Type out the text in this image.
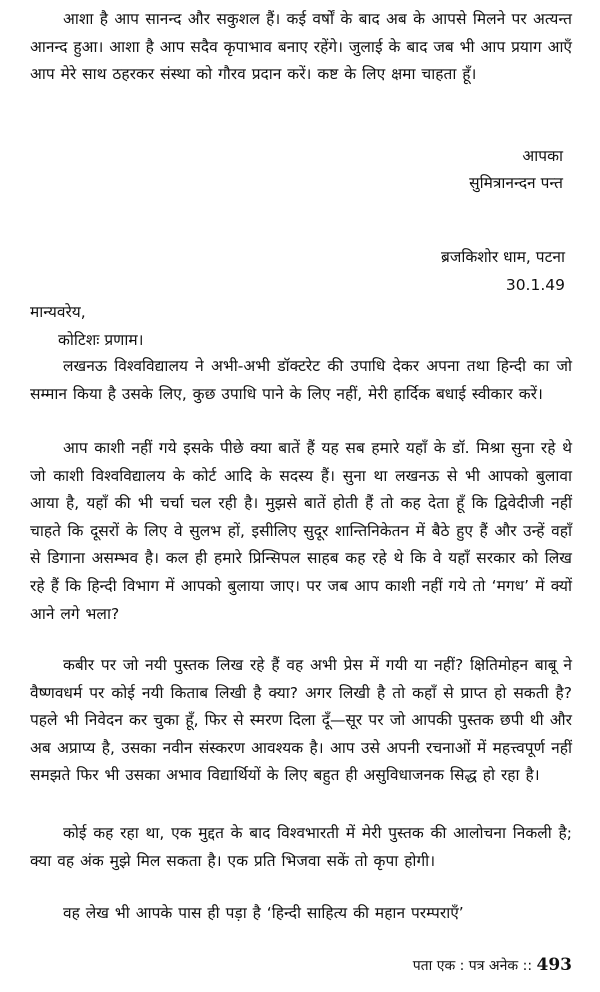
आशा है आप सानन्द और सकुशल हैं। कई वर्षों के बाद अब के आपसे मिलने पर अत्यन्त आनन्द हुआ। आशा है आप सदैव कृपाभाव बनाए रहेंगे। जुलाई के बाद जब भी आप प्रयाग आएँ आप मेरे साथ ठहरकर संस्था को गौरव प्रदान करें। कष्ट के लिए क्षमा चाहता हूँ।

आपका

सुमित्रानन्दन पन्त

ब्रजकिशोर धाम, पटना

30.1.49

मान्यवरेय,

कोटिशः प्रणाम।

लखनऊ विश्वविद्यालय ने अभी-अभी डॉक्टरेट की उपाधि देकर अपना तथा हिन्दी का जो सम्मान किया है उसके लिए, कुछ उपाधि पाने के लिए नहीं, मेरी हार्दिक बधाई स्वीकार करें।

आप काशी नहीं गये इसके पीछे क्या बातें हैं यह सब हमारे यहाँ के डॉ. मिश्रा सुना रहे थे जो काशी विश्वविद्यालय के कोर्ट आदि के सदस्य हैं। सुना था लखनऊ से भी आपको बुलावा आया है, यहाँ की भी चर्चा चल रही है। मुझसे बातें होती हैं तो कह देता हूँ कि द्विवेदीजी नहीं चाहते कि दूसरों के लिए वे सुलभ हों, इसीलिए सुदूर शान्तिनिकेतन में बैठे हुए हैं और उन्हें वहाँ से डिगाना असम्भव है। कल ही हमारे प्रिन्सिपल साहब कह रहे थे कि वे यहाँ सरकार को लिख रहे हैं कि हिन्दी विभाग में आपको बुलाया जाए। पर जब आप काशी नहीं गये तो ‘मगध’ में क्यों आने लगे भला?

कबीर पर जो नयी पुस्तक लिख रहे हैं वह अभी प्रेस में गयी या नहीं? क्षितिमोहन बाबू ने वैष्णवधर्म पर कोई नयी किताब लिखी है क्या? अगर लिखी है तो कहाँ से प्राप्त हो सकती है? पहले भी निवेदन कर चुका हूँ, फिर से स्मरण दिला दूँ—सूर पर जो आपकी पुस्तक छपी थी और अब अप्राप्य है, उसका नवीन संस्करण आवश्यक है। आप उसे अपनी रचनाओं में महत्त्वपूर्ण नहीं समझते फिर भी उसका अभाव विद्यार्थियों के लिए बहुत ही असुविधाजनक सिद्ध हो रहा है।

कोई कह रहा था, एक मुद्दत के बाद विश्वभारती में मेरी पुस्तक की आलोचना निकली है; क्या वह अंक मुझे मिल सकता है। एक प्रति भिजवा सकें तो कृपा होगी।

वह लेख भी आपके पास ही पड़ा है ‘हिन्दी साहित्य की महान परम्पराएँ’

पता एक : पत्र अनेक :: 493
